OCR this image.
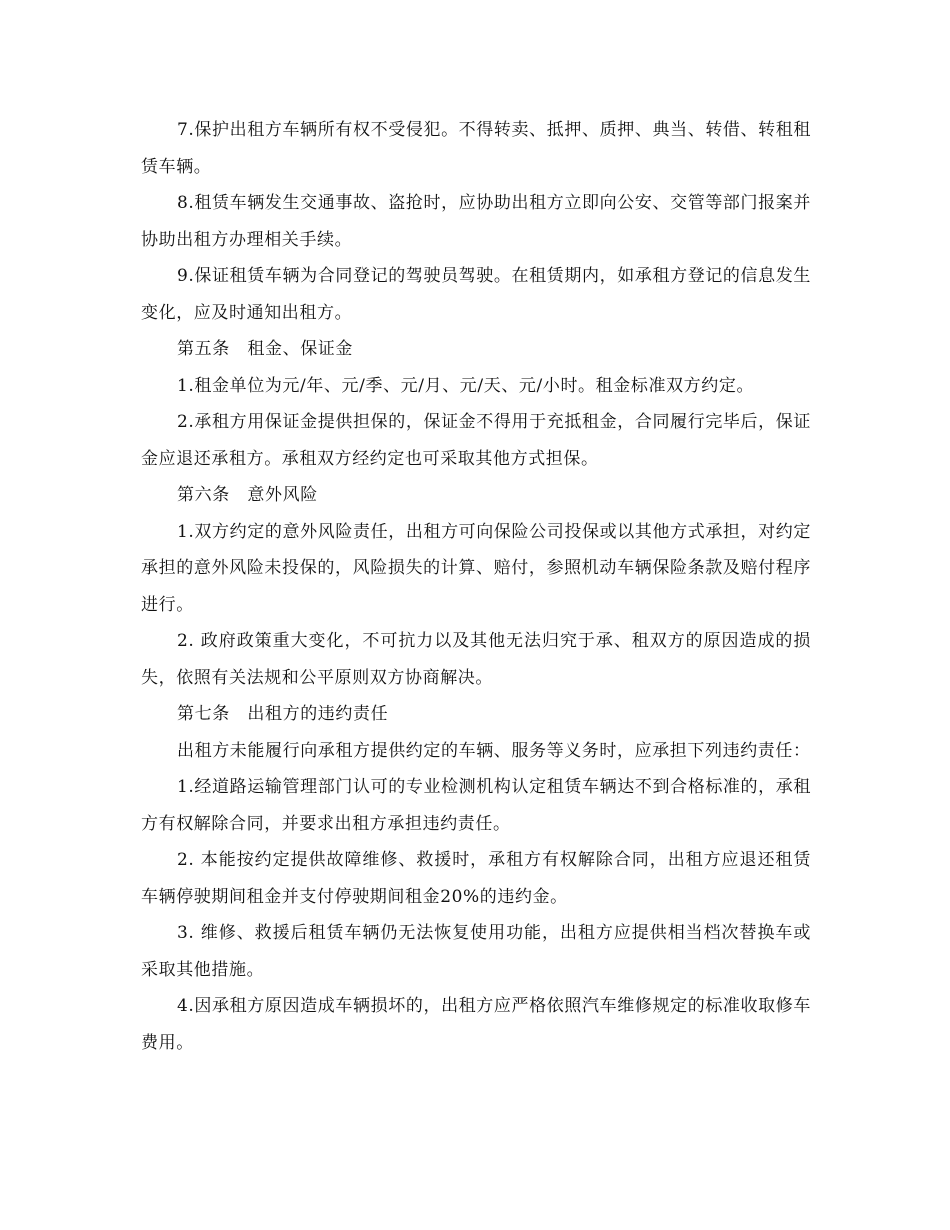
7.保护出租方车辆所有权不受侵犯。不得转卖、抵押、质押、典当、转借、转租租赁车辆。

8.租赁车辆发生交通事故、盗抢时，应协助出租方立即向公安、交管等部门报案并协助出租方办理相关手续。

9.保证租赁车辆为合同登记的驾驶员驾驶。在租赁期内，如承租方登记的信息发生变化，应及时通知出租方。

第五条　租金、保证金

1.租金单位为元/年、元/季、元/月、元/天、元/小时。租金标准双方约定。

2.承租方用保证金提供担保的，保证金不得用于充抵租金，合同履行完毕后，保证金应退还承租方。承租双方经约定也可采取其他方式担保。

第六条　意外风险

1.双方约定的意外风险责任，出租方可向保险公司投保或以其他方式承担，对约定承担的意外风险未投保的，风险损失的计算、赔付，参照机动车辆保险条款及赔付程序进行。

2. 政府政策重大变化，不可抗力以及其他无法归究于承、租双方的原因造成的损失，依照有关法规和公平原则双方协商解决。

第七条　出租方的违约责任

出租方未能履行向承租方提供约定的车辆、服务等义务时，应承担下列违约责任：

1.经道路运输管理部门认可的专业检测机构认定租赁车辆达不到合格标准的，承租方有权解除合同，并要求出租方承担违约责任。

2. 本能按约定提供故障维修、救援时，承租方有权解除合同，出租方应退还租赁车辆停驶期间租金并支付停驶期间租金20%的违约金。

3. 维修、救援后租赁车辆仍无法恢复使用功能，出租方应提供相当档次替换车或采取其他措施。

4.因承租方原因造成车辆损坏的，出租方应严格依照汽车维修规定的标准收取修车费用。
